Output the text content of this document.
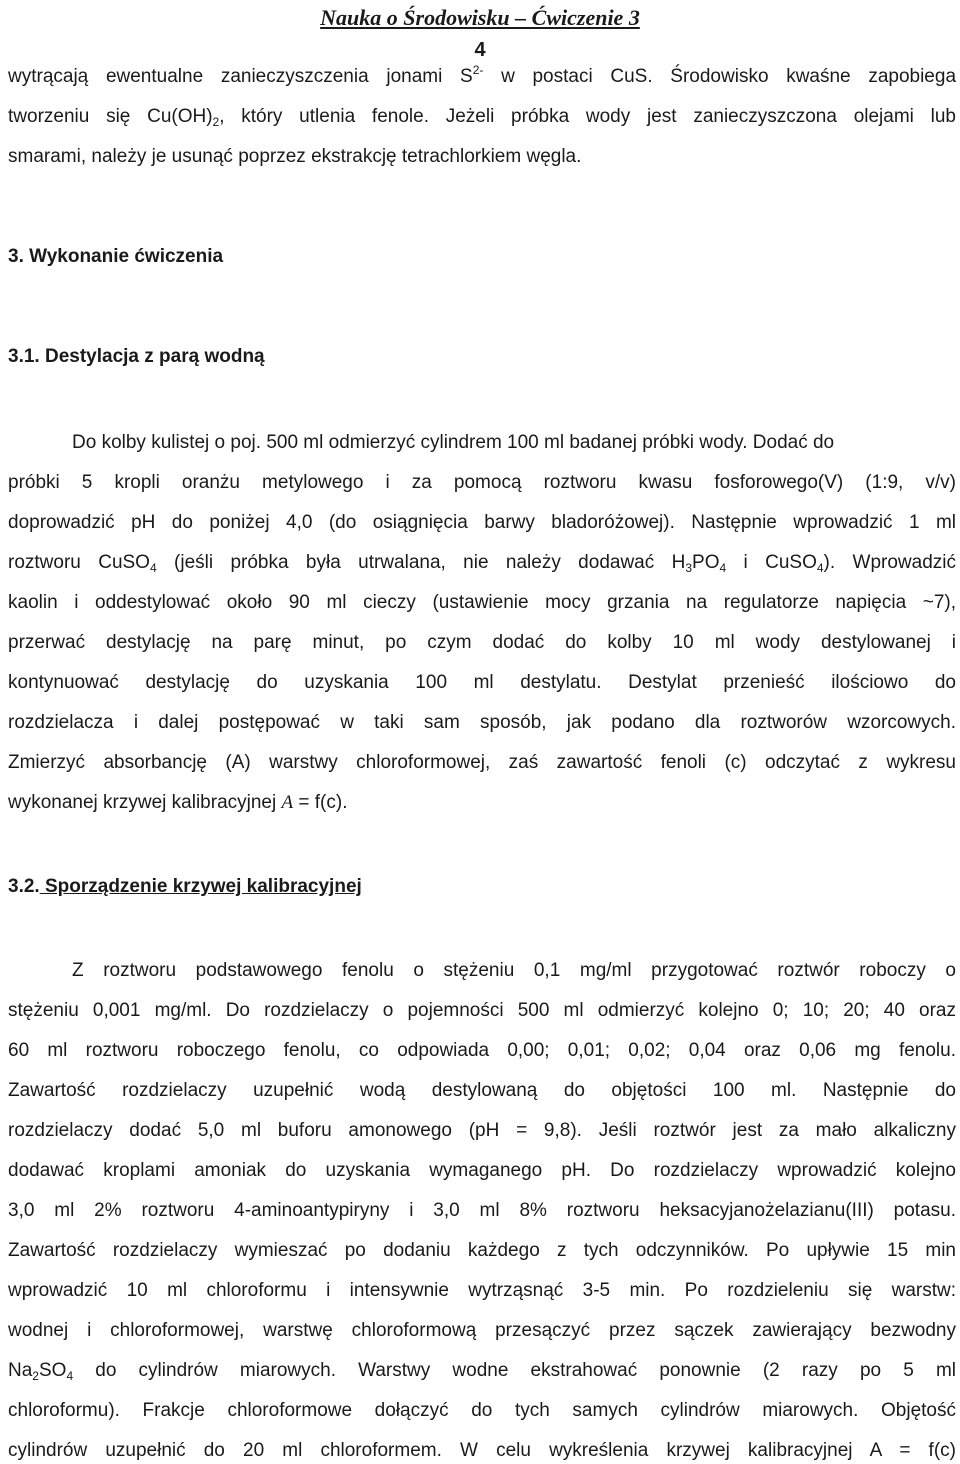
Nauka o Środowisku – Ćwiczenie 3
4
wytrącają ewentualne zanieczyszczenia jonami $S^{2-}$ w postaci CuS. Środowisko kwaśne zapobiega
tworzeniu się $Cu(OH)_2$, który utlenia fenole. Jeżeli próbka wody jest zanieczyszczona olejami lub
smarami, należy je usunąć poprzez ekstrakcję tetrachlorkiem węgla.
3. Wykonanie ćwiczenia
3.1. Destylacja z parą wodną
Do kolby kulistej o poj. 500 ml odmierzyć cylindrem 100 ml badanej próbki wody. Dodać do
próbki 5 kropli oranżu metylowego i za pomocą roztworu kwasu fosforowego(V) (1:9, v/v)
doprowadzić pH do poniżej 4,0 (do osiągnięcia barwy bladoróżowej). Następnie wprowadzić 1 ml
roztworu CuSO$_4$ (jeśli próbka była utrwalana, nie należy dodawać $H_3PO_4$ i CuSO$_4$). Wprowadzić
kaolin i oddestylować około 90 ml cieczy (ustawienie mocy grzania na regulatorze napięcia ~7),
przerwać destylację na parę minut, po czym dodać do kolby 10 ml wody destylowanej i
kontynuować destylację do uzyskania 100 ml destylatu. Destylat przenieść ilościowo do
rozdzielacza i dalej postępować w taki sam sposób, jak podano dla roztworów wzorcowych.
Zmierzyć absorbancję (A) warstwy chloroformowej, zaś zawartość fenoli (c) odczytać z wykresu
wykonanej krzywej kalibracyjnej A = f(c).
3.2. Sporządzenie krzywej kalibracyjnej
Z roztworu podstawowego fenolu o stężeniu 0,1 mg/ml przygotować roztwór roboczy o
stężeniu 0,001 mg/ml. Do rozdzielaczy o pojemności 500 ml odmierzyć kolejno 0; 10; 20; 40 oraz
60 ml roztworu roboczego fenolu, co odpowiada 0,00; 0,01; 0,02; 0,04 oraz 0,06 mg fenolu.
Zawartość rozdzielaczy uzupełnić wodą destylowaną do objętości 100 ml. Następnie do
rozdzielaczy dodać 5,0 ml buforu amonowego (pH = 9,8). Jeśli roztwór jest za mało alkaliczny
dodawać kroplami amoniak do uzyskania wymaganego pH. Do rozdzielaczy wprowadzić kolejno
3,0 ml 2% roztworu 4-aminoantypiryny i 3,0 ml 8% roztworu heksacyjanożelazianu(III) potasu.
Zawartość rozdzielaczy wymieszać po dodaniu każdego z tych odczynników. Po upływie 15 min
wprowadzić 10 ml chloroformu i intensywnie wytrząsnąć 3-5 min. Po rozdzieleniu się warstw:
wodnej i chloroformowej, warstwę chloroformową przesączyć przez sączek zawierający bezwodny
$Na_2SO_4$ do cylindrów miarowych. Warstwy wodne ekstrahować ponownie (2 razy po 5 ml
chloroformu). Frakcje chloroformowe dołączyć do tych samych cylindrów miarowych. Objętość
cylindrów uzupełnić do 20 ml chloroformem. W celu wykreślenia krzywej kalibracyjnej A = f(c)
